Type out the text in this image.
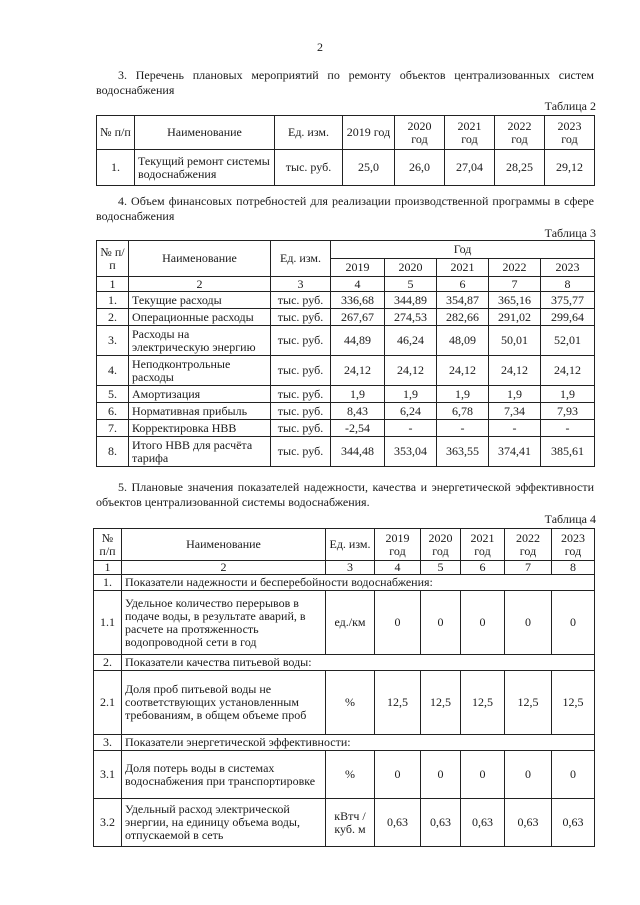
2
3. Перечень плановых мероприятий по ремонту объектов централизованных систем водоснабжения
Таблица 2
№ п/п	Наименование	Ед. изм.	2019 год	2020 год	2021 год	2022 год	2023 год
1.	Текущий ремонт системы водоснабжения	тыс. руб.	25,0	26,0	27,04	28,25	29,12
4. Объем финансовых потребностей для реализации производственной программы в сфере водоснабжения
Таблица 3
№ п/п	Наименование	Ед. изм.	Год				
			2019	2020	2021	2022	2023
1	2	3	4	5	6	7	8
1.	Текущие расходы	тыс. руб.	336,68	344,89	354,87	365,16	375,77
2.	Операционные расходы	тыс. руб.	267,67	274,53	282,66	291,02	299,64
3.	Расходы на электрическую энергию	тыс. руб.	44,89	46,24	48,09	50,01	52,01
4.	Неподконтрольные расходы	тыс. руб.	24,12	24,12	24,12	24,12	24,12
5.	Амортизация	тыс. руб.	1,9	1,9	1,9	1,9	1,9
6.	Нормативная прибыль	тыс. руб.	8,43	6,24	6,78	7,34	7,93
7.	Корректировка НВВ	тыс. руб.	-2,54	-	-	-	-
8.	Итого НВВ для расчёта тарифа	тыс. руб.	344,48	353,04	363,55	374,41	385,61
5. Плановые значения показателей надежности, качества и энергетической эффективности объектов централизованной системы водоснабжения.
Таблица 4
№ п/п	Наименование	Ед. изм.	2019 год	2020 год	2021 год	2022 год	2023 год
1	2	3	4	5	6	7	8
1.	Показатели надежности и бесперебойности водоснабжения:						
1.1	Удельное количество перерывов в подаче воды, в результате аварий, в расчете на протяженность водопроводной сети в год	ед./км	0	0	0	0	0
2.	Показатели качества питьевой воды:						
2.1	Доля проб питьевой воды не соответствующих установленным требованиям, в общем объеме проб	%	12,5	12,5	12,5	12,5	12,5
3.	Показатели энергетической эффективности:						
3.1	Доля потерь воды в системах водоснабжения при транспортировке	%	0	0	0	0	0
3.2	Удельный расход электрической энергии, на единицу объема воды, отпускаемой в сеть	кВтч /куб. м	0,63	0,63	0,63	0,63	0,63
